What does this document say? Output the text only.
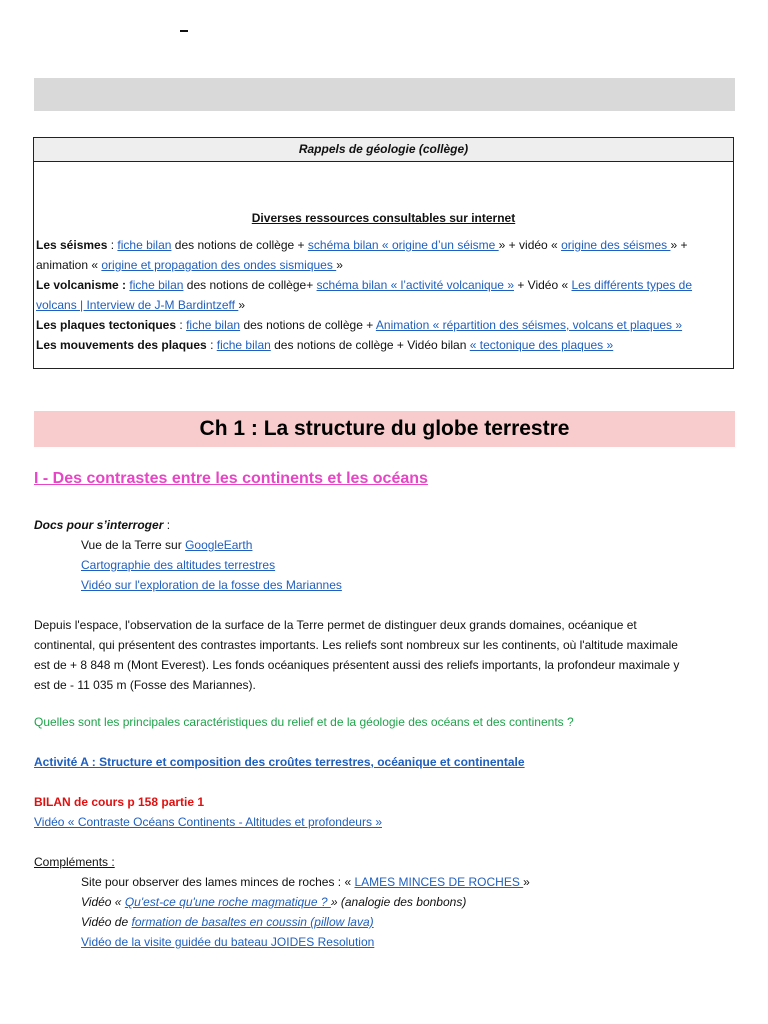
Rappels de géologie (collège)
Diverses ressources consultables sur internet
Les séismes : fiche bilan des notions de collège + schéma bilan « origine d’un séisme » + vidéo « origine des séismes » +
animation « origine et propagation des ondes sismiques »
Le volcanisme : fiche bilan des notions de collège+ schéma bilan « l’activité volcanique » + Vidéo « Les différents types de
volcans | Interview de J-M Bardintzeff »
Les plaques tectoniques : fiche bilan des notions de collège + Animation « répartition des séismes, volcans et plaques »
Les mouvements des plaques : fiche bilan des notions de collège + Vidéo bilan « tectonique des plaques »
Ch 1 : La structure du globe terrestre
I - Des contrastes entre les continents et les océans
Docs pour s’interroger :
Vue de la Terre sur GoogleEarth
Cartographie des altitudes terrestres
Vidéo sur l'exploration de la fosse des Mariannes
Depuis l'espace, l'observation de la surface de la Terre permet de distinguer deux grands domaines, océanique et
continental, qui présentent des contrastes importants. Les reliefs sont nombreux sur les continents, où l'altitude maximale
est de + 8 848 m (Mont Everest). Les fonds océaniques présentent aussi des reliefs importants, la profondeur maximale y
est de - 11 035 m (Fosse des Mariannes).
Quelles sont les principales caractéristiques du relief et de la géologie des océans et des continents ?
Activité A : Structure et composition des croûtes terrestres, océanique et continentale
BILAN de cours p 158 partie 1
Vidéo « Contraste Océans Continents - Altitudes et profondeurs »
Compléments :
Site pour observer des lames minces de roches : « LAMES MINCES DE ROCHES »
Vidéo « Qu'est-ce qu'une roche magmatique ? » (analogie des bonbons)
Vidéo de formation de basaltes en coussin (pillow lava)
Vidéo de la visite guidée du bateau JOIDES Resolution
